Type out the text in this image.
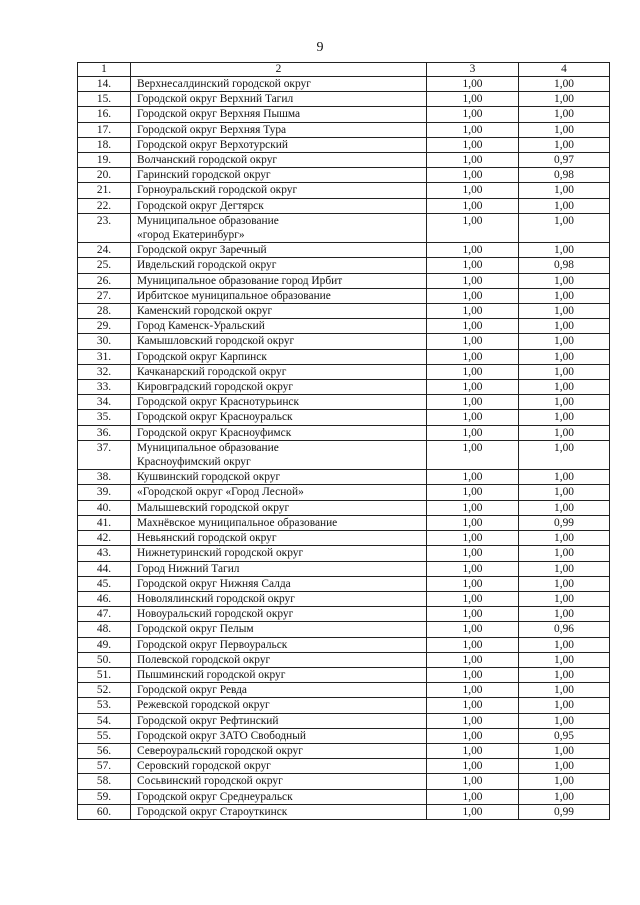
9
1	2	3	4
14.	Верхнесалдинский городской округ	1,00	1,00
15.	Городской округ Верхний Тагил	1,00	1,00
16.	Городской округ Верхняя Пышма	1,00	1,00
17.	Городской округ Верхняя Тура	1,00	1,00
18.	Городской округ Верхотурский	1,00	1,00
19.	Волчанский городской округ	1,00	0,97
20.	Гаринский городской округ	1,00	0,98
21.	Горноуральский городской округ	1,00	1,00
22.	Городской округ Дегтярск	1,00	1,00
23.	Муниципальное образование
«город Екатеринбург»	1,00	1,00
24.	Городской округ Заречный	1,00	1,00
25.	Ивдельский городской округ	1,00	0,98
26.	Муниципальное образование город Ирбит	1,00	1,00
27.	Ирбитское муниципальное образование	1,00	1,00
28.	Каменский городской округ	1,00	1,00
29.	Город Каменск-Уральский	1,00	1,00
30.	Камышловский городской округ	1,00	1,00
31.	Городской округ Карпинск	1,00	1,00
32.	Качканарский городской округ	1,00	1,00
33.	Кировградский городской округ	1,00	1,00
34.	Городской округ Краснотурьинск	1,00	1,00
35.	Городской округ Красноуральск	1,00	1,00
36.	Городской округ Красноуфимск	1,00	1,00
37.	Муниципальное образование
Красноуфимский округ	1,00	1,00
38.	Кушвинский городской округ	1,00	1,00
39.	«Городской округ «Город Лесной»	1,00	1,00
40.	Малышевский городской округ	1,00	1,00
41.	Махнёвское муниципальное образование	1,00	0,99
42.	Невьянский городской округ	1,00	1,00
43.	Нижнетуринский городской округ	1,00	1,00
44.	Город Нижний Тагил	1,00	1,00
45.	Городской округ Нижняя Салда	1,00	1,00
46.	Новолялинский городской округ	1,00	1,00
47.	Новоуральский городской округ	1,00	1,00
48.	Городской округ Пелым	1,00	0,96
49.	Городской округ Первоуральск	1,00	1,00
50.	Полевской городской округ	1,00	1,00
51.	Пышминский городской округ	1,00	1,00
52.	Городской округ Ревда	1,00	1,00
53.	Режевской городской округ	1,00	1,00
54.	Городской округ Рефтинский	1,00	1,00
55.	Городской округ ЗАТО Свободный	1,00	0,95
56.	Североуральский городской округ	1,00	1,00
57.	Серовский городской округ	1,00	1,00
58.	Сосьвинский городской округ	1,00	1,00
59.	Городской округ Среднеуральск	1,00	1,00
60.	Городской округ Староуткинск	1,00	0,99
